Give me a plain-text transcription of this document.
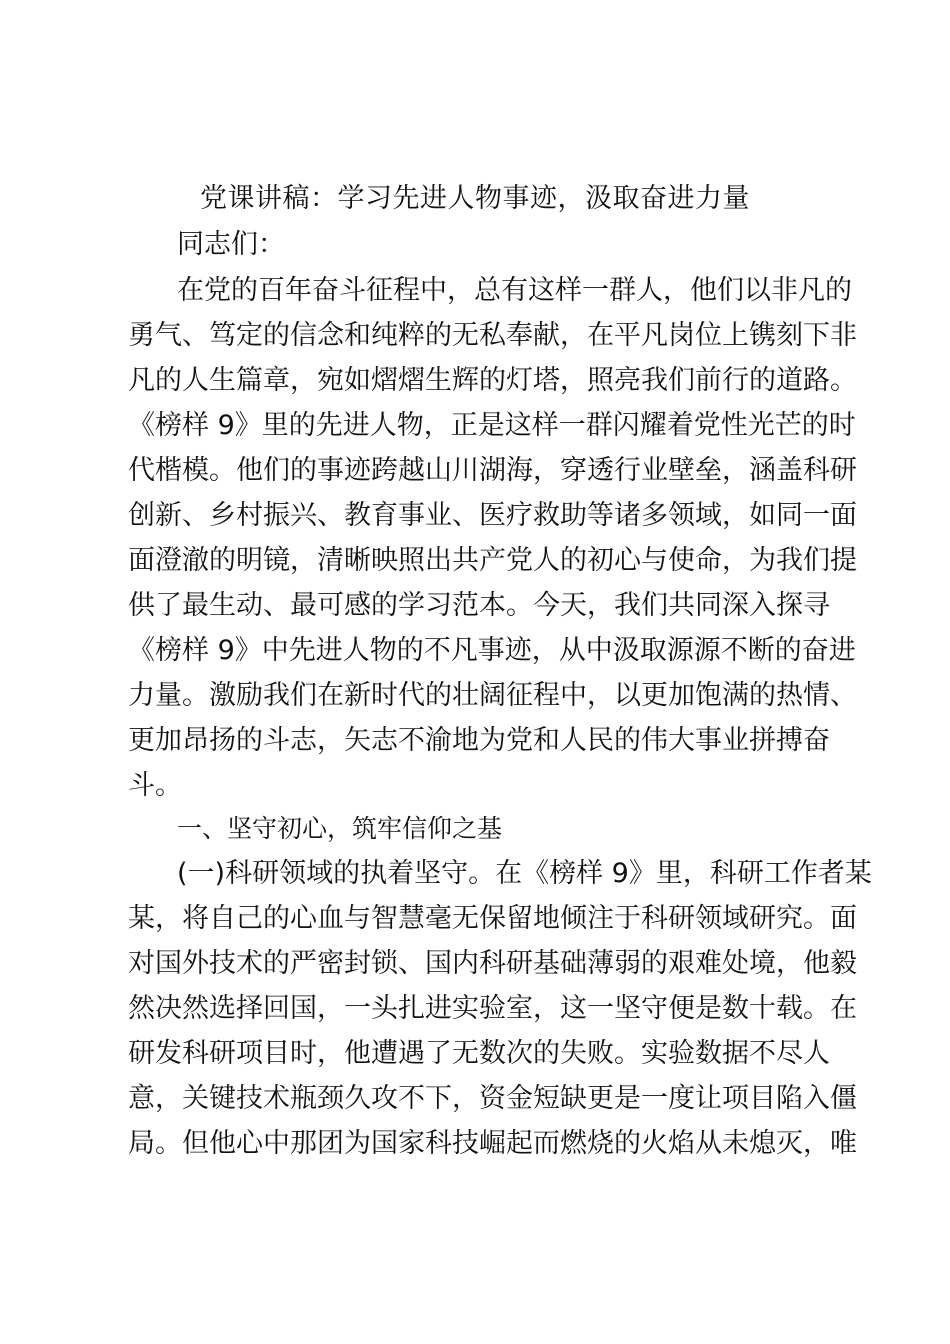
党课讲稿：学习先进人物事迹，汲取奋进力量
同志们：
在党的百年奋斗征程中，总有这样一群人，他们以非凡的
勇气、笃定的信念和纯粹的无私奉献，在平凡岗位上镌刻下非
凡的人生篇章，宛如熠熠生辉的灯塔，照亮我们前行的道路。
《榜样 9》里的先进人物，正是这样一群闪耀着党性光芒的时
代楷模。他们的事迹跨越山川湖海，穿透行业壁垒，涵盖科研
创新、乡村振兴、教育事业、医疗救助等诸多领域，如同一面
面澄澈的明镜，清晰映照出共产党人的初心与使命，为我们提
供了最生动、最可感的学习范本。今天，我们共同深入探寻
《榜样 9》中先进人物的不凡事迹，从中汲取源源不断的奋进
力量。激励我们在新时代的壮阔征程中，以更加饱满的热情、
更加昂扬的斗志，矢志不渝地为党和人民的伟大事业拼搏奋
斗。
一、坚守初心，筑牢信仰之基
(一)科研领域的执着坚守。在《榜样 9》里，科研工作者某
某，将自己的心血与智慧毫无保留地倾注于科研领域研究。面
对国外技术的严密封锁、国内科研基础薄弱的艰难处境，他毅
然决然选择回国，一头扎进实验室，这一坚守便是数十载。在
研发科研项目时，他遭遇了无数次的失败。实验数据不尽人
意，关键技术瓶颈久攻不下，资金短缺更是一度让项目陷入僵
局。但他心中那团为国家科技崛起而燃烧的火焰从未熄灭，唯
